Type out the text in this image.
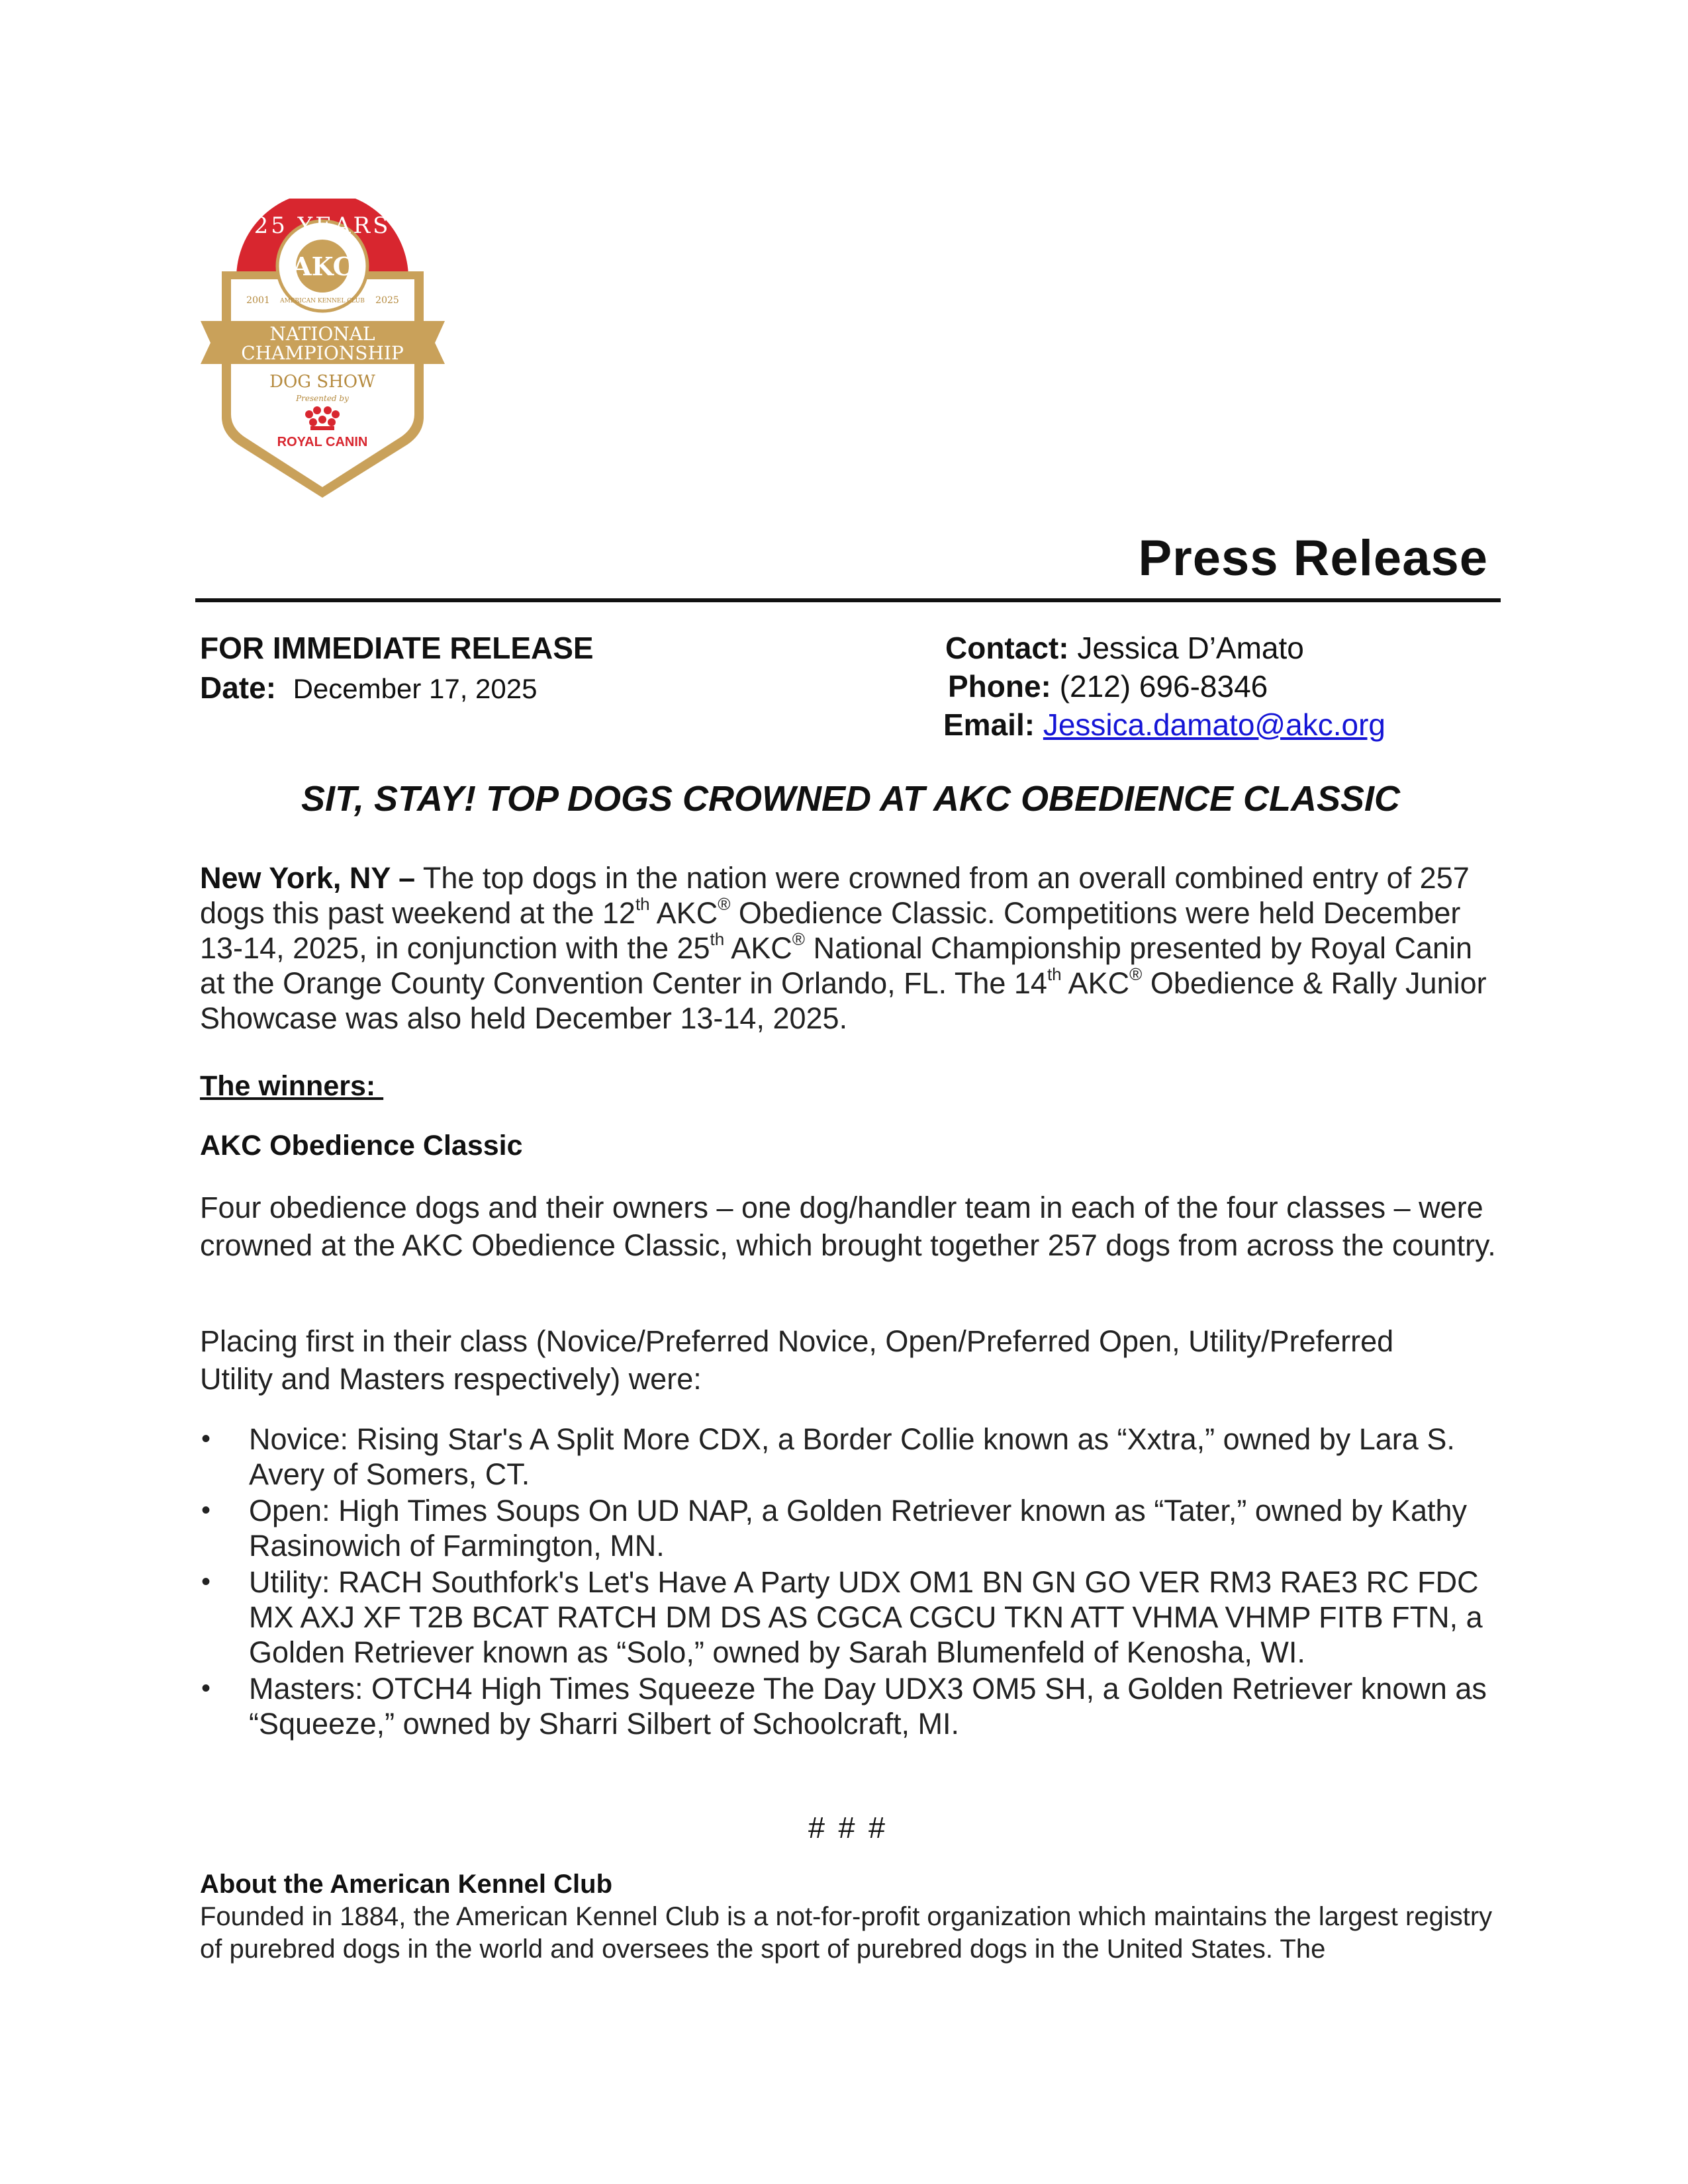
AKC
25 YEARS
AMERICAN KENNEL CLUB
2001	2025
NATIONAL
CHAMPIONSHIP
DOG SHOW
Presented by
ROYAL CANIN
Press Release
FOR IMMEDIATE RELEASE
Date: December 17, 2025
Contact: Jessica D’Amato
Phone: (212) 696-8346
Email: Jessica.damato@akc.org
SIT, STAY! TOP DOGS CROWNED AT AKC OBEDIENCE CLASSIC
New York, NY – The top dogs in the nation were crowned from an overall combined entry of 257 dogs this past weekend at the 12th AKC® Obedience Classic. Competitions were held December 13-14, 2025, in conjunction with the 25th AKC® National Championship presented by Royal Canin at the Orange County Convention Center in Orlando, FL. The 14th AKC® Obedience & Rally Junior Showcase was also held December 13-14, 2025.
The winners:
AKC Obedience Classic
Four obedience dogs and their owners – one dog/handler team in each of the four classes – were crowned at the AKC Obedience Classic, which brought together 257 dogs from across the country.
Placing first in their class (Novice/Preferred Novice, Open/Preferred Open, Utility/Preferred Utility and Masters respectively) were:
• Novice: Rising Star's A Split More CDX, a Border Collie known as “Xxtra,” owned by Lara S. Avery of Somers, CT.
• Open: High Times Soups On UD NAP, a Golden Retriever known as “Tater,” owned by Kathy Rasinowich of Farmington, MN.
• Utility: RACH Southfork's Let's Have A Party UDX OM1 BN GN GO VER RM3 RAE3 RC FDC MX AXJ XF T2B BCAT RATCH DM DS AS CGCA CGCU TKN ATT VHMA VHMP FITB FTN, a Golden Retriever known as “Solo,” owned by Sarah Blumenfeld of Kenosha, WI.
• Masters: OTCH4 High Times Squeeze The Day UDX3 OM5 SH, a Golden Retriever known as “Squeeze,” owned by Sharri Silbert of Schoolcraft, MI.
# # #
About the American Kennel Club
Founded in 1884, the American Kennel Club is a not-for-profit organization which maintains the largest registry of purebred dogs in the world and oversees the sport of purebred dogs in the United States. The
